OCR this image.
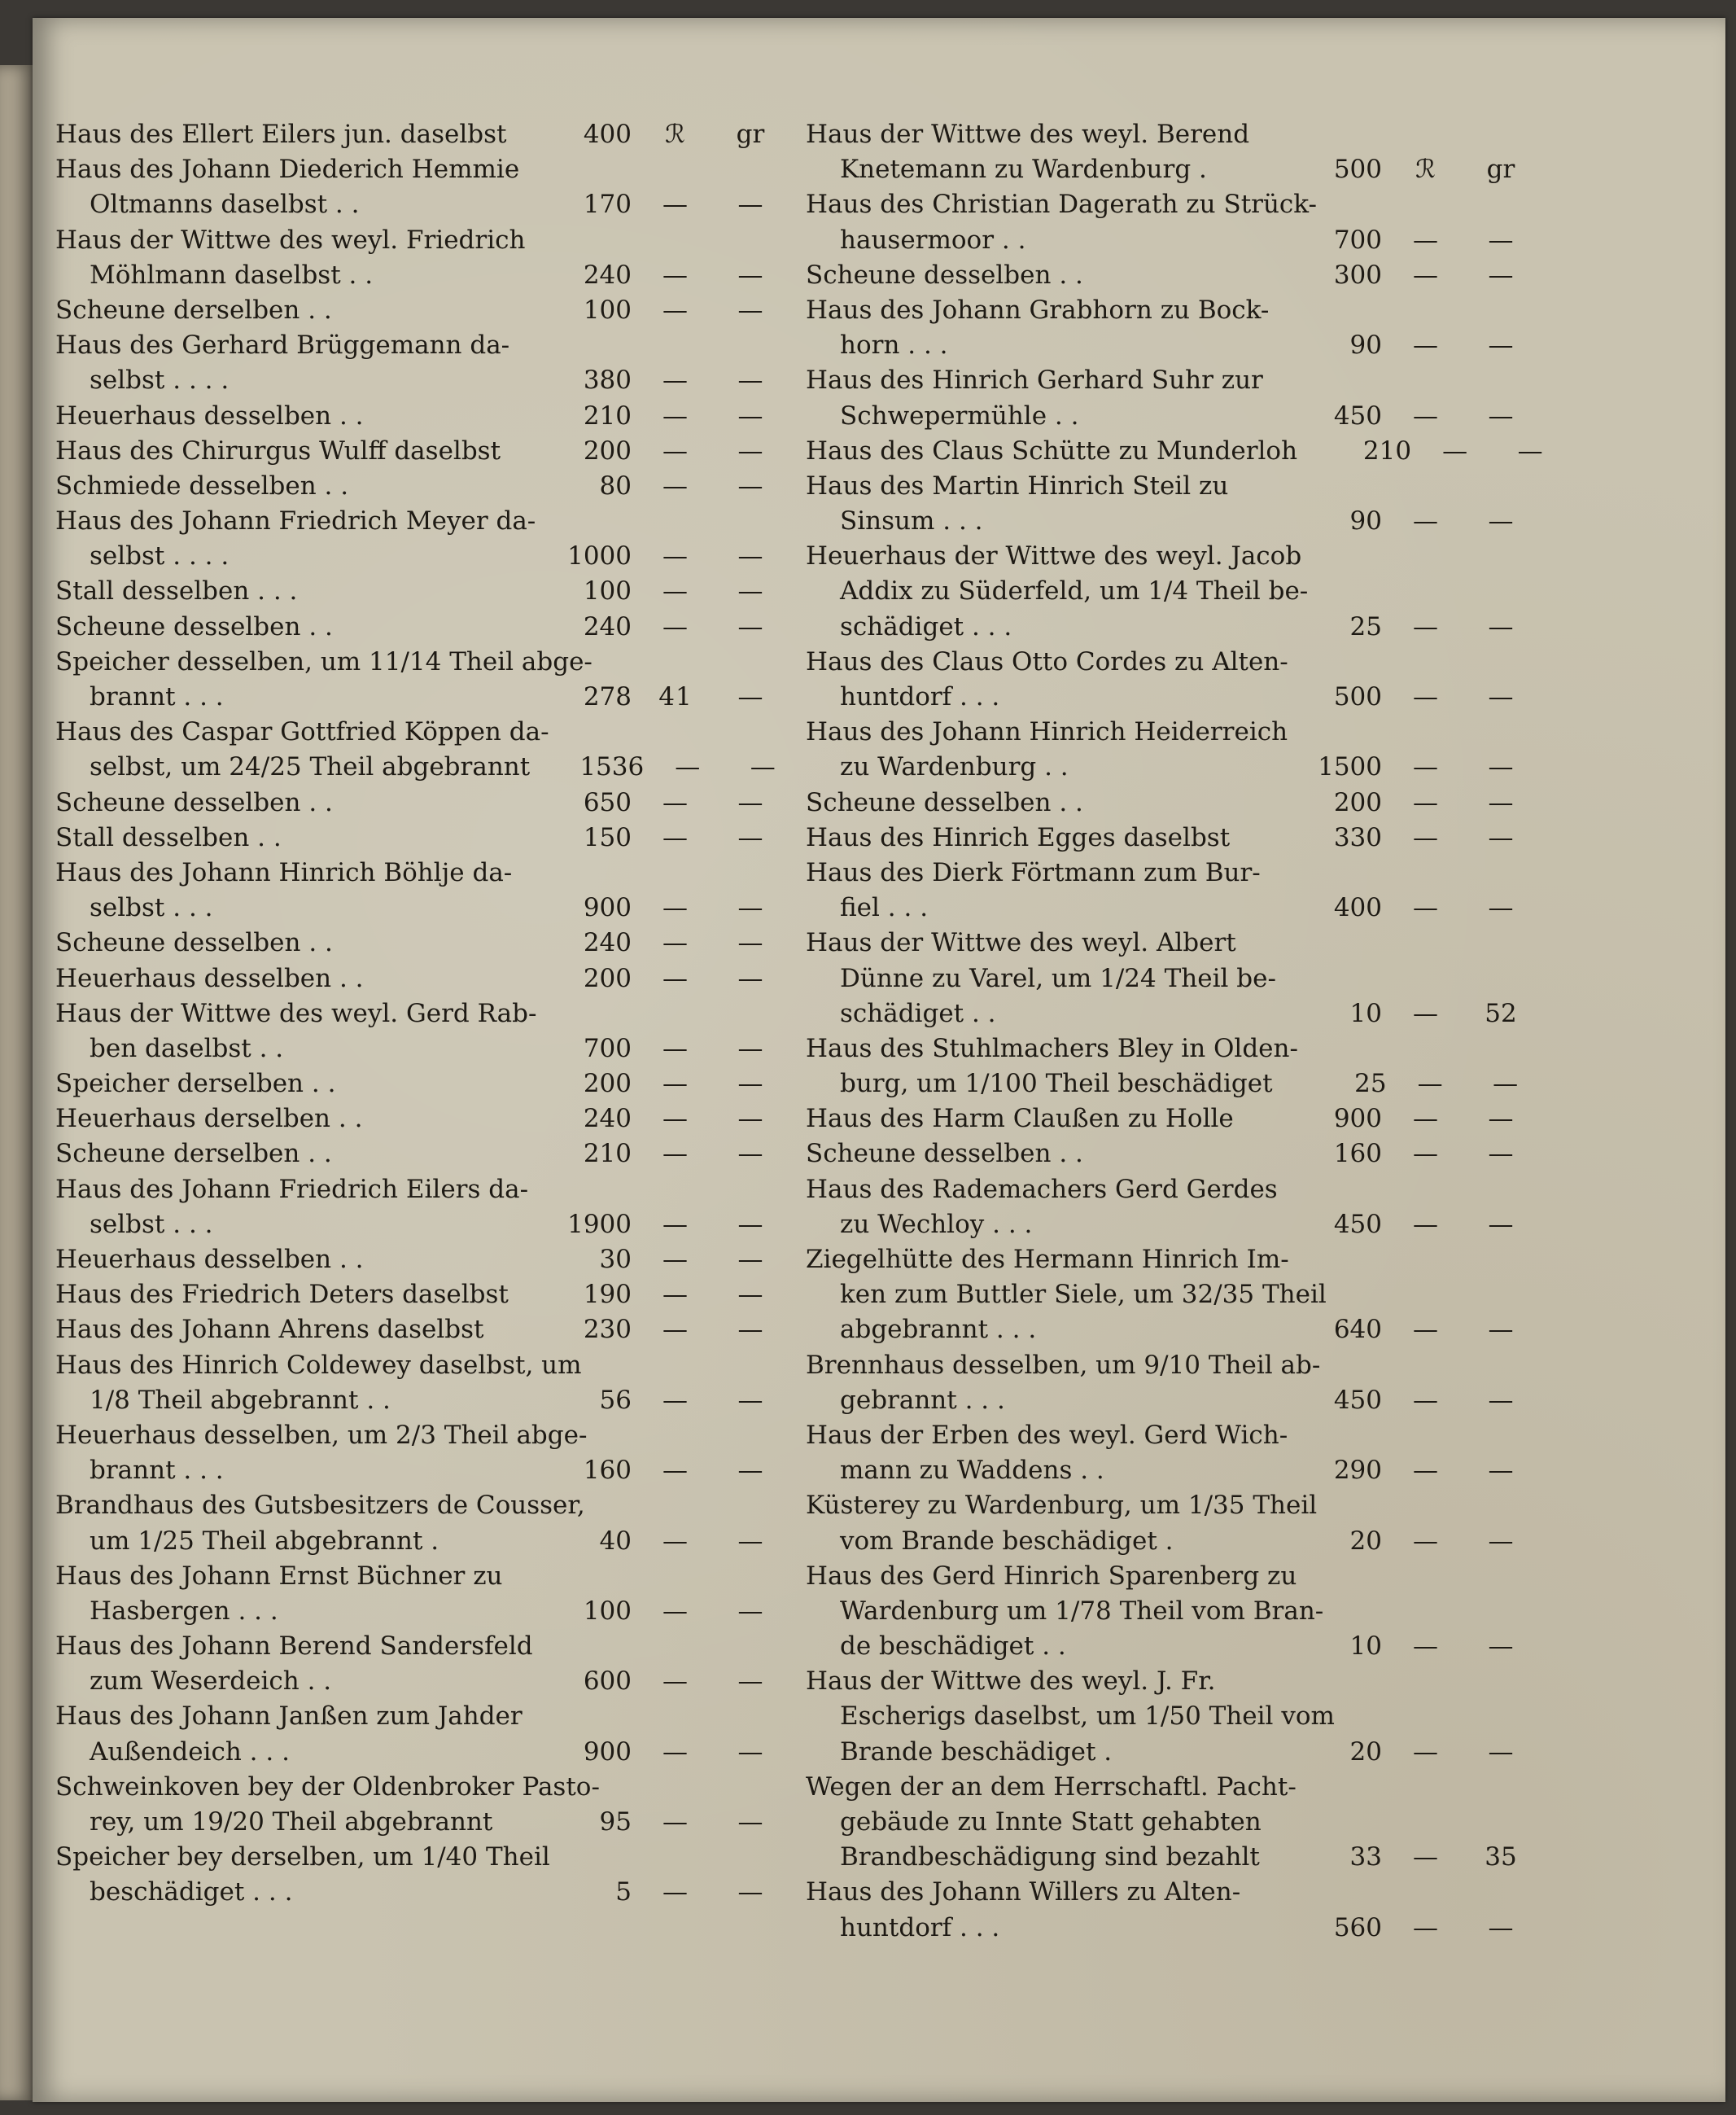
Haus des Ellert Eilers jun. daselbst	400	ℛ	gr
Haus des Johann Diederich Hemmie
Oltmanns daselbst . .	170	—	—
Haus der Wittwe des weyl. Friedrich
Möhlmann daselbst . .	240	—	—
Scheune derselben . .	100	—	—
Haus des Gerhard Brüggemann da-
selbst . . . .	380	—	—
Heuerhaus desselben . .	210	—	—
Haus des Chirurgus Wulff daselbst	200	—	—
Schmiede desselben . .	80	—	—
Haus des Johann Friedrich Meyer da-
selbst . . . .	1000	—	—
Stall desselben . . .	100	—	—
Scheune desselben . .	240	—	—
Speicher desselben, um 11/14 Theil abge-
brannt . . .	278	41	—
Haus des Caspar Gottfried Köppen da-
selbst, um 24/25 Theil abgebrannt	1536	—	—
Scheune desselben . .	650	—	—
Stall desselben . .	150	—	—
Haus des Johann Hinrich Böhlje da-
selbst . . .	900	—	—
Scheune desselben . .	240	—	—
Heuerhaus desselben . .	200	—	—
Haus der Wittwe des weyl. Gerd Rab-
ben daselbst . .	700	—	—
Speicher derselben . .	200	—	—
Heuerhaus derselben . .	240	—	—
Scheune derselben . .	210	—	—
Haus des Johann Friedrich Eilers da-
selbst . . .	1900	—	—
Heuerhaus desselben . .	30	—	—
Haus des Friedrich Deters daselbst	190	—	—
Haus des Johann Ahrens daselbst	230	—	—
Haus des Hinrich Coldewey daselbst, um
1/8 Theil abgebrannt . .	56	—	—
Heuerhaus desselben, um 2/3 Theil abge-
brannt . . .	160	—	—
Brandhaus des Gutsbesitzers de Cousser,
um 1/25 Theil abgebrannt .	40	—	—
Haus des Johann Ernst Büchner zu
Hasbergen . . .	100	—	—
Haus des Johann Berend Sandersfeld
zum Weserdeich . .	600	—	—
Haus des Johann Janßen zum Jahder
Außendeich . . .	900	—	—
Schweinkoven bey der Oldenbroker Pasto-
rey, um 19/20 Theil abgebrannt	95	—	—
Speicher bey derselben, um 1/40 Theil
beschädiget . . .	5	—	—
Haus der Wittwe des weyl. Berend
Knetemann zu Wardenburg .	500	ℛ	gr
Haus des Christian Dagerath zu Strück-
hausermoor . .	700	—	—
Scheune desselben . .	300	—	—
Haus des Johann Grabhorn zu Bock-
horn . . .	90	—	—
Haus des Hinrich Gerhard Suhr zur
Schwepermühle . .	450	—	—
Haus des Claus Schütte zu Munderloh	210	—	—
Haus des Martin Hinrich Steil zu
Sinsum . . .	90	—	—
Heuerhaus der Wittwe des weyl. Jacob
Addix zu Süderfeld, um 1/4 Theil be-
schädiget . . .	25	—	—
Haus des Claus Otto Cordes zu Alten-
huntdorf . . .	500	—	—
Haus des Johann Hinrich Heiderreich
zu Wardenburg . .	1500	—	—
Scheune desselben . .	200	—	—
Haus des Hinrich Egges daselbst	330	—	—
Haus des Dierk Förtmann zum Bur-
fiel . . .	400	—	—
Haus der Wittwe des weyl. Albert
Dünne zu Varel, um 1/24 Theil be-
schädiget . .	10	—	52
Haus des Stuhlmachers Bley in Olden-
burg, um 1/100 Theil beschädiget	25	—	—
Haus des Harm Claußen zu Holle	900	—	—
Scheune desselben . .	160	—	—
Haus des Rademachers Gerd Gerdes
zu Wechloy . . .	450	—	—
Ziegelhütte des Hermann Hinrich Im-
ken zum Buttler Siele, um 32/35 Theil
abgebrannt . . .	640	—	—
Brennhaus desselben, um 9/10 Theil ab-
gebrannt . . .	450	—	—
Haus der Erben des weyl. Gerd Wich-
mann zu Waddens . .	290	—	—
Küsterey zu Wardenburg, um 1/35 Theil
vom Brande beschädiget .	20	—	—
Haus des Gerd Hinrich Sparenberg zu
Wardenburg um 1/78 Theil vom Bran-
de beschädiget . .	10	—	—
Haus der Wittwe des weyl. J. Fr.
Escherigs daselbst, um 1/50 Theil vom
Brande beschädiget .	20	—	—
Wegen der an dem Herrschaftl. Pacht-
gebäude zu Innte Statt gehabten
Brandbeschädigung sind bezahlt	33	—	35
Haus des Johann Willers zu Alten-
huntdorf . . .	560	—	—
